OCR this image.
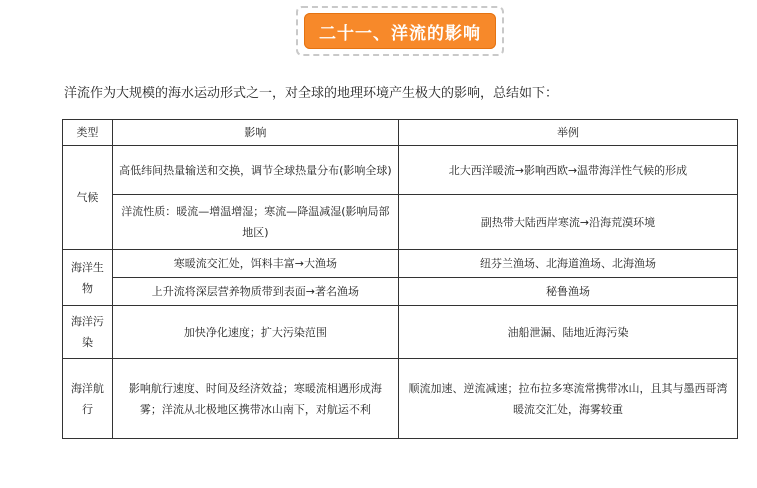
二十一、洋流的影响
洋流作为大规模的海水运动形式之一，对全球的地理环境产生极大的影响，总结如下：
类型	影响	举例
气候	高低纬间热量输送和交换，调节全球热量分布(影响全球)	北大西洋暖流→影响西欧→温带海洋性气候的形成
	洋流性质：暖流—增温增湿；寒流—降温减湿(影响局部地区)	副热带大陆西岸寒流→沿海荒漠环境
海洋生物	寒暖流交汇处，饵料丰富→大渔场	纽芬兰渔场、北海道渔场、北海渔场
	上升流将深层营养物质带到表面→著名渔场	秘鲁渔场
海洋污染	加快净化速度；扩大污染范围	油船泄漏、陆地近海污染
海洋航行	影响航行速度、时间及经济效益；寒暖流相遇形成海雾；洋流从北极地区携带冰山南下，对航运不利	顺流加速、逆流减速；拉布拉多寒流常携带冰山，且其与墨西哥湾暖流交汇处，海雾较重
